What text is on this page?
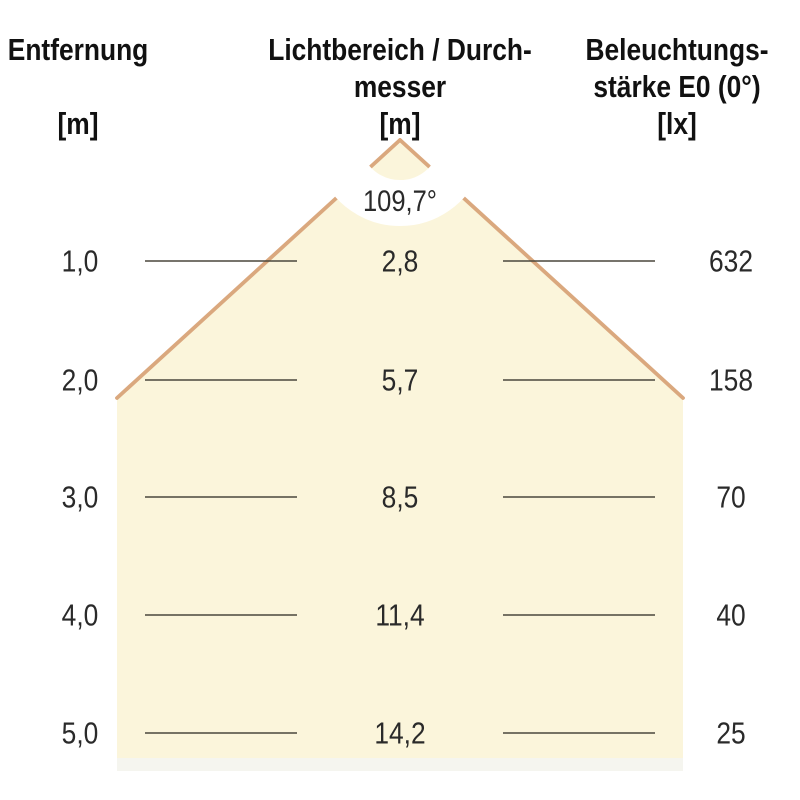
Entfernung
[m]
Lichtbereich / Durch-
messer
[m]
Beleuchtungs-
stärke E0 (0°)
[lx]
109,7°
1,0	2,8	632
2,0	5,7	158
3,0	8,5	70
4,0	11,4	40
5,0	14,2	25
